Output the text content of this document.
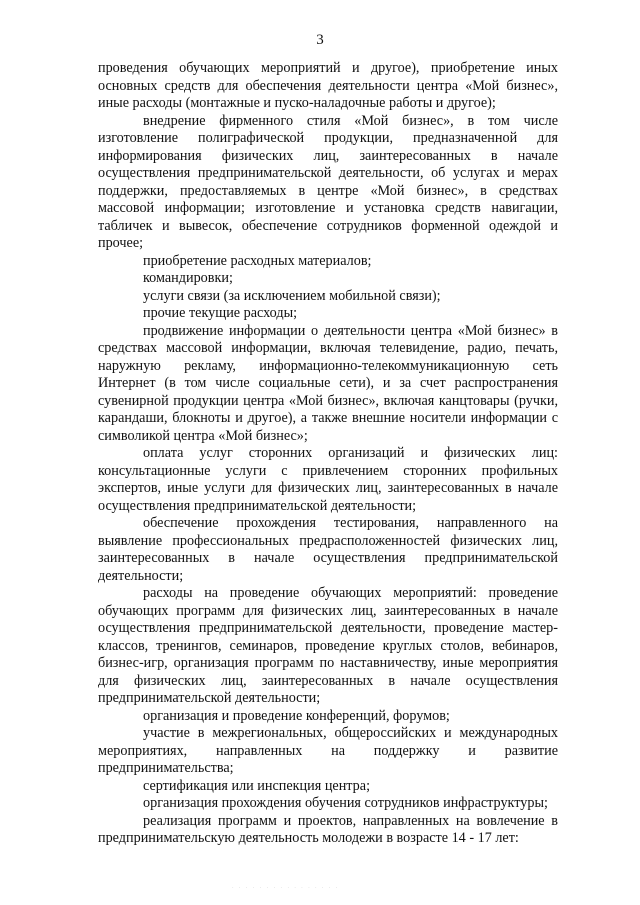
3

проведения обучающих мероприятий и другое), приобретение иных основных средств для обеспечения деятельности центра «Мой бизнес», иные расходы (монтажные и пуско-наладочные работы и другое);

внедрение фирменного стиля «Мой бизнес», в том числе изготовление полиграфической продукции, предназначенной для информирования физических лиц, заинтересованных в начале осуществления предпринимательской деятельности, об услугах и мерах поддержки, предоставляемых в центре «Мой бизнес», в средствах массовой информации; изготовление и установка средств навигации, табличек и вывесок, обеспечение сотрудников форменной одеждой и прочее;

приобретение расходных материалов;

командировки;

услуги связи (за исключением мобильной связи);

прочие текущие расходы;

продвижение информации о деятельности центра «Мой бизнес» в средствах массовой информации, включая телевидение, радио, печать, наружную рекламу, информационно-телекоммуникационную сеть Интернет (в том числе социальные сети), и за счет распространения сувенирной продукции центра «Мой бизнес», включая канцтовары (ручки, карандаши, блокноты и другое), а также внешние носители информации с символикой центра «Мой бизнес»;

оплата услуг сторонних организаций и физических лиц: консультационные услуги с привлечением сторонних профильных экспертов, иные услуги для физических лиц, заинтересованных в начале осуществления предпринимательской деятельности;

обеспечение прохождения тестирования, направленного на выявление профессиональных предрасположенностей физических лиц, заинтересованных в начале осуществления предпринимательской деятельности;

расходы на проведение обучающих мероприятий: проведение обучающих программ для физических лиц, заинтересованных в начале осуществления предпринимательской деятельности, проведение мастер-классов, тренингов, семинаров, проведение круглых столов, вебинаров, бизнес-игр, организация программ по наставничеству, иные мероприятия для физических лиц, заинтересованных в начале осуществления предпринимательской деятельности;

организация и проведение конференций, форумов;

участие в межрегиональных, общероссийских и международных мероприятиях, направленных на поддержку и развитие предпринимательства;

сертификация или инспекция центра;

организация прохождения обучения сотрудников инфраструктуры;

реализация программ и проектов, направленных на вовлечение в предпринимательскую деятельность молодежи в возрасте 14 - 17 лет:

· · · · · · · · · · · · · · · ·
